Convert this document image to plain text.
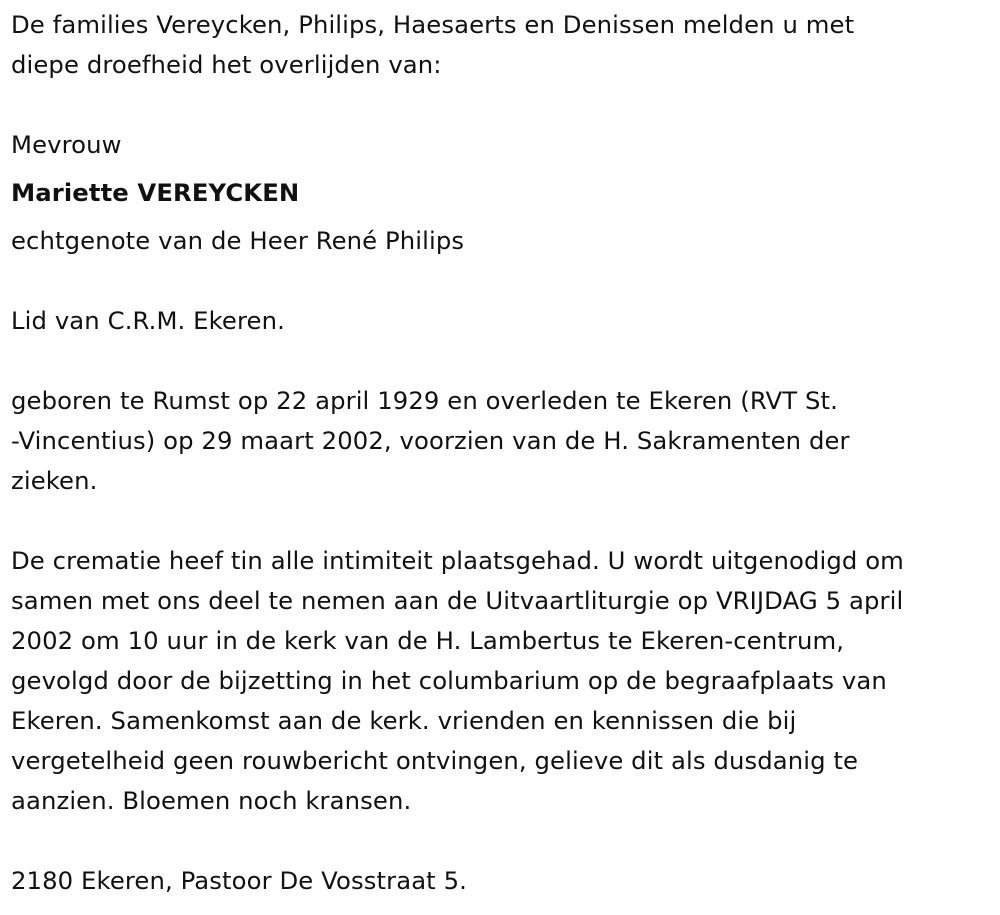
De families Vereycken, Philips, Haesaerts en Denissen melden u met
diepe droefheid het overlijden van:
Mevrouw
Mariette VEREYCKEN
echtgenote van de Heer René Philips
Lid van C.R.M. Ekeren.
geboren te Rumst op 22 april 1929 en overleden te Ekeren (RVT St.
-Vincentius) op 29 maart 2002, voorzien van de H. Sakramenten der
zieken.
De crematie heef tin alle intimiteit plaatsgehad. U wordt uitgenodigd om
samen met ons deel te nemen aan de Uitvaartliturgie op VRIJDAG 5 april
2002 om 10 uur in de kerk van de H. Lambertus te Ekeren-centrum,
gevolgd door de bijzetting in het columbarium op de begraafplaats van
Ekeren. Samenkomst aan de kerk. vrienden en kennissen die bij
vergetelheid geen rouwbericht ontvingen, gelieve dit als dusdanig te
aanzien. Bloemen noch kransen.
2180 Ekeren, Pastoor De Vosstraat 5.
